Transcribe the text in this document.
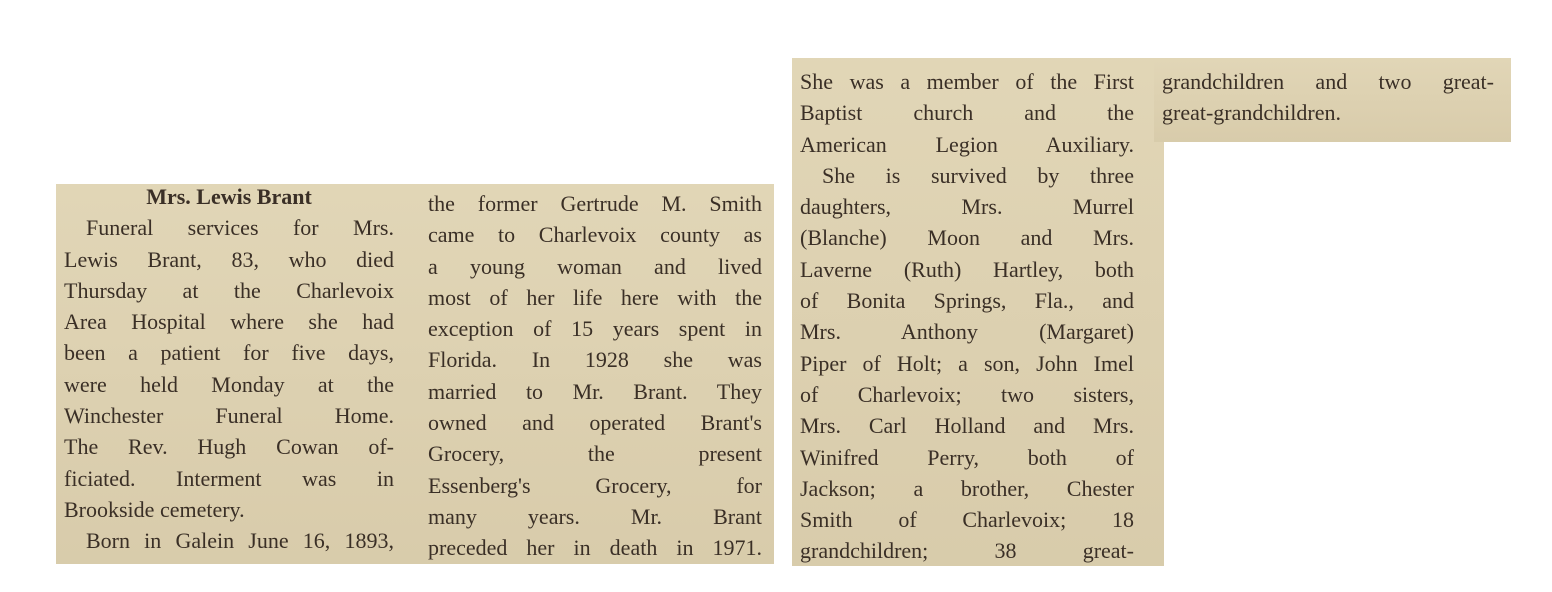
Mrs. Lewis Brant
Funeral services for Mrs.
Lewis Brant, 83, who died
Thursday at the Charlevoix
Area Hospital where she had
been a patient for five days,
were held Monday at the
Winchester Funeral Home.
The Rev. Hugh Cowan of-
ficiated. Interment was in
Brookside cemetery.
Born in Galein June 16, 1893,
the former Gertrude M. Smith
came to Charlevoix county as
a young woman and lived
most of her life here with the
exception of 15 years spent in
Florida. In 1928 she was
married to Mr. Brant. They
owned and operated Brant's
Grocery, the present
Essenberg's Grocery, for
many years. Mr. Brant
preceded her in death in 1971.
She was a member of the First
Baptist church and the
American Legion Auxiliary.
She is survived by three
daughters, Mrs. Murrel
(Blanche) Moon and Mrs.
Laverne (Ruth) Hartley, both
of Bonita Springs, Fla., and
Mrs. Anthony (Margaret)
Piper of Holt; a son, John Imel
of Charlevoix; two sisters,
Mrs. Carl Holland and Mrs.
Winifred Perry, both of
Jackson; a brother, Chester
Smith of Charlevoix; 18
grandchildren; 38 great-
grandchildren and two great-
great-grandchildren.
